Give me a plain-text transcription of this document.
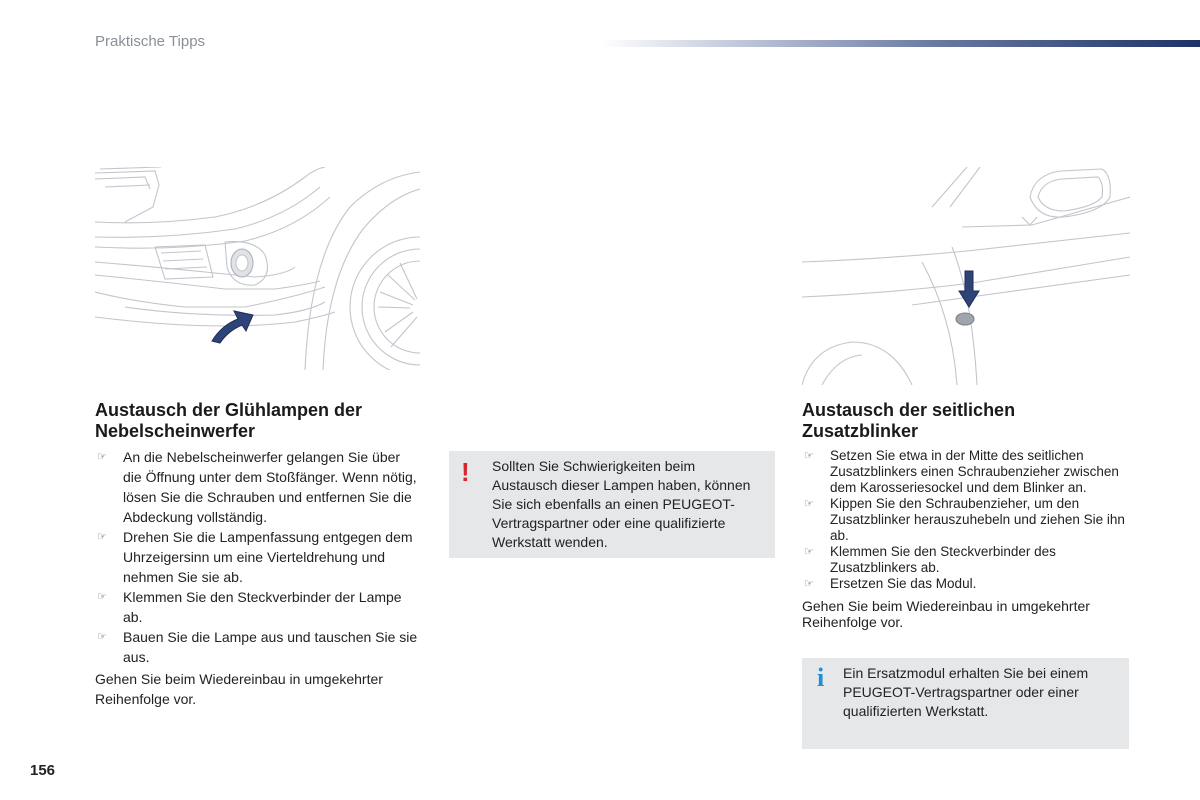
Praktische Tipps
Austausch der Glühlampen der Nebelscheinwerfer
☞ An die Nebelscheinwerfer gelangen Sie über die Öffnung unter dem Stoßfänger. Wenn nötig, lösen Sie die Schrauben und entfernen Sie die Abdeckung vollständig.
☞ Drehen Sie die Lampenfassung entgegen dem Uhrzeigersinn um eine Vierteldrehung und nehmen Sie sie ab.
☞ Klemmen Sie den Steckverbinder der Lampe ab.
☞ Bauen Sie die Lampe aus und tauschen Sie sie aus.
Gehen Sie beim Wiedereinbau in umgekehrter Reihenfolge vor.
! Sollten Sie Schwierigkeiten beim Austausch dieser Lampen haben, können Sie sich ebenfalls an einen PEUGEOT-Vertragspartner oder eine qualifizierte Werkstatt wenden.
Austausch der seitlichen Zusatzblinker
☞ Setzen Sie etwa in der Mitte des seitlichen Zusatzblinkers einen Schraubenzieher zwischen dem Karosseriesockel und dem Blinker an.
☞ Kippen Sie den Schraubenzieher, um den Zusatzblinker herauszuhebeln und ziehen Sie ihn ab.
☞ Klemmen Sie den Steckverbinder des Zusatzblinkers ab.
☞ Ersetzen Sie das Modul.
Gehen Sie beim Wiedereinbau in umgekehrter Reihenfolge vor.
i Ein Ersatzmodul erhalten Sie bei einem PEUGEOT-Vertragspartner oder einer qualifizierten Werkstatt.
156
